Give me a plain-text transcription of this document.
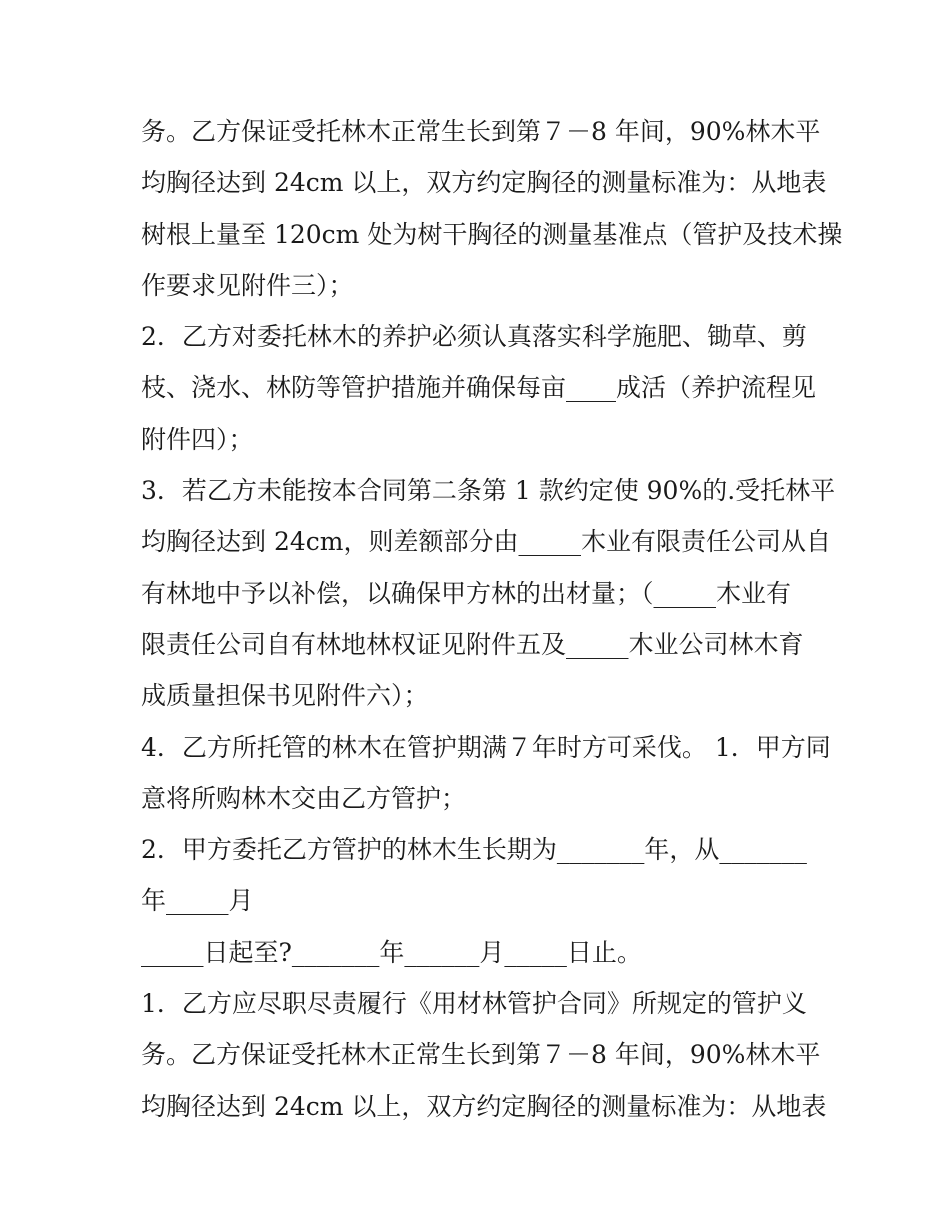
务。乙方保证受托林木正常生长到第７－8 年间，90%林木平
均胸径达到 24cm 以上，双方约定胸径的测量标准为：从地表
树根上量至 120cm 处为树干胸径的测量基准点（管护及技术操
作要求见附件三）；
2．乙方对委托林木的养护必须认真落实科学施肥、锄草、剪
枝、浇水、林防等管护措施并确保每亩____成活（养护流程见
附件四）；
3．若乙方未能按本合同第二条第 1 款约定使 90%的.受托林平
均胸径达到 24cm，则差额部分由_____木业有限责任公司从自
有林地中予以补偿，以确保甲方林的出材量；（_____木业有
限责任公司自有林地林权证见附件五及_____木业公司林木育
成质量担保书见附件六）；
4．乙方所托管的林木在管护期满７年时方可采伐。 1．甲方同
意将所购林木交由乙方管护；
2．甲方委托乙方管护的林木生长期为_______年，从_______
年_____月
_____日起至?_______年______月_____日止。
1．乙方应尽职尽责履行《用材林管护合同》所规定的管护义
务。乙方保证受托林木正常生长到第７－8 年间，90%林木平
均胸径达到 24cm 以上，双方约定胸径的测量标准为：从地表
